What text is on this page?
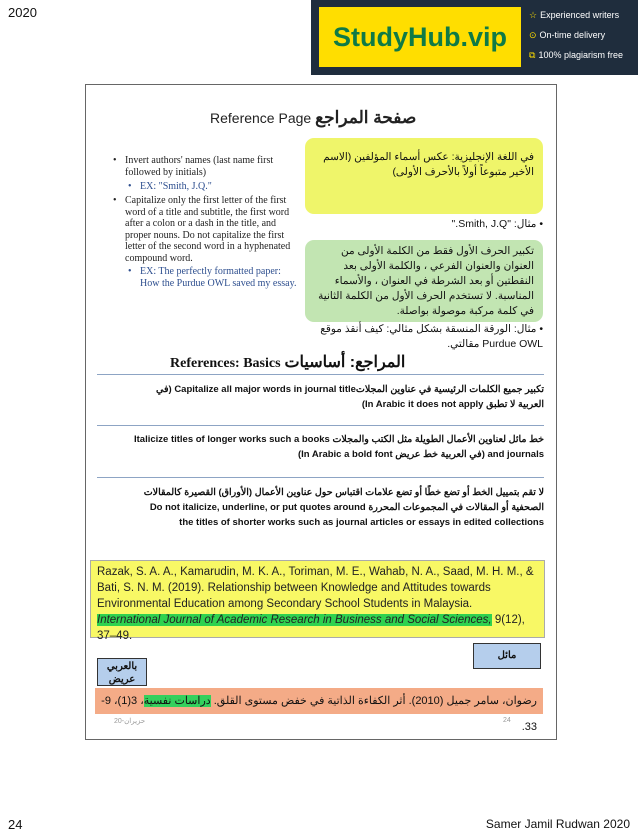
2020
StudyHub.vip
☆ Experienced writers
⊙ On-time delivery
⧉ 100% plagiarism free
Reference Page صفحة المراجع
• Invert authors' names (last name first followed by initials)
• EX: "Smith, J.Q."
• Capitalize only the first letter of the first word of a title and subtitle, the first word after a colon or a dash in the title, and proper nouns. Do not capitalize the first letter of the second word in a hyphenated compound word.
• EX: The perfectly formatted paper: How the Purdue OWL saved my essay.
في اللغة الإنجليزية: عكس أسماء المؤلفين (الاسم الأخير متبوعاً أولاً بالأحرف الأولى)
• مثال: "Smith, J.Q."
تكبير الحرف الأول فقط من الكلمة الأولى من العنوان والعنوان الفرعي ، والكلمة الأولى بعد النقطتين أو بعد الشرطة في العنوان ، والأسماء المناسبة. لا تستخدم الحرف الأول من الكلمة الثانية في كلمة مركبة موصولة بواصلة.
• مثال: الورقة المنسقة بشكل مثالي: كيف أنقذ موقع Purdue OWL مقالتي.
References: Basics المراجع: أساسيات
تكبير جميع الكلمات الرئيسية في عناوين المجلاتCapitalize all major words in journal title (في
العربية لا تطبق In Arabic it does not apply)
خط مائل لعناوين الأعمال الطويلة مثل الكتب والمجلات Italicize titles of longer works such a books
and journals (في العربية خط عريض In Arabic a bold font)
لا تقم بتمييل الخط أو تضع خطًا أو تضع علامات اقتباس حول عناوين الأعمال (الأوراق) القصيرة كالمقالات
الصحفية أو المقالات في المجموعات المحررة Do not italicize, underline, or put quotes around
the titles of shorter works such as journal articles or essays in edited collections
Razak, S. A. A., Kamarudin, M. K. A., Toriman, M. E., Wahab, N. A., Saad, M. H. M., & Bati, S. N. M. (2019). Relationship between Knowledge and Attitudes towards Environmental Education among Secondary School Students in Malaysia. International Journal of Academic Research in Business and Social Sciences, 9(12), 37–49.
مائل
بالعربي عريض
رضوان، سامر جميل (2010). أثر الكفاءة الذاتية في خفض مستوى القلق. دراسات نفسية، 3(1)، 9-33.
حزيران-20	24
24	Samer Jamil Rudwan 2020
